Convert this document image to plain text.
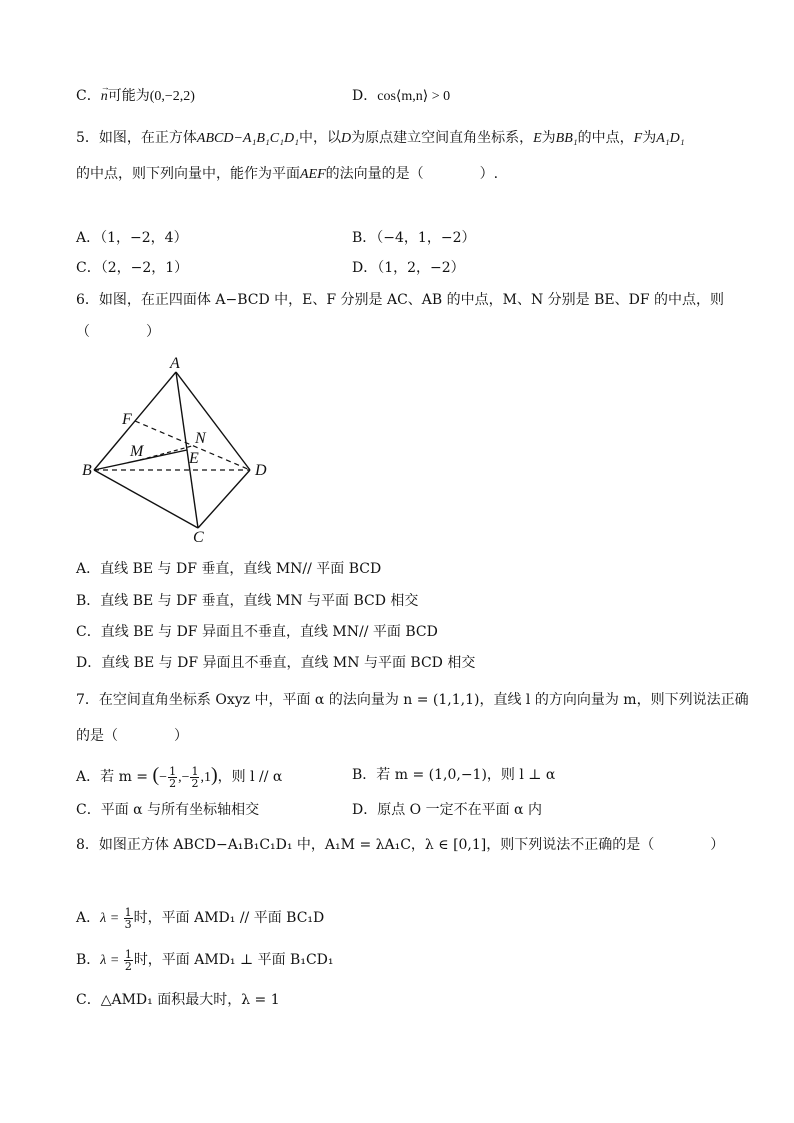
C．→ n可能为(0,−2,2)	D．cos⟨m,n⟩ > 0
5．如图，在正方体ABCD−A₁B₁C₁D₁中，以D为原点建立空间直角坐标系，E为BB₁的中点，F为A₁D₁
的中点，则下列向量中，能作为平面AEF的法向量的是（　　　　）.
A．（1，−2，4）	B．（−4，1，−2）
C．（2，−2，1）	D．（1，2，−2）
6．如图，在正四面体 A−BCD 中，E、F 分别是 AC、AB 的中点，M、N 分别是 BE、DF 的中点，则
（　　　　）
A
B
C
D
E
F
M
N
A．直线 BE 与 DF 垂直，直线 MN// 平面 BCD
B．直线 BE 与 DF 垂直，直线 MN 与平面 BCD 相交
C．直线 BE 与 DF 异面且不垂直，直线 MN// 平面 BCD
D．直线 BE 与 DF 异面且不垂直，直线 MN 与平面 BCD 相交
7．在空间直角坐标系 Oxyz 中，平面 α 的法向量为 n = (1,1,1)，直线 l 的方向向量为 m，则下列说法正确
的是（　　　　）
A．若 m = (− $\frac{1}{2}$ ,− $\frac{1}{2} ,1$)，则 l // α	B．若 m = (1,0,−1)，则 l ⊥ α
C．平面 α 与所有坐标轴相交	D．原点 O 一定不在平面 α 内
8．如图正方体 ABCD−A₁B₁C₁D₁ 中，A₁M = λA₁C，λ ∈ [0,1]，则下列说法不正确的是（　　　　）
A．$\lambda = \frac{1}{3}$ 时，平面 AMD₁ // 平面 BC₁D
B．$\lambda = \frac{1}{2}$ 时，平面 AMD₁ ⊥ 平面 B₁CD₁
C．△AMD₁ 面积最大时，λ = 1
